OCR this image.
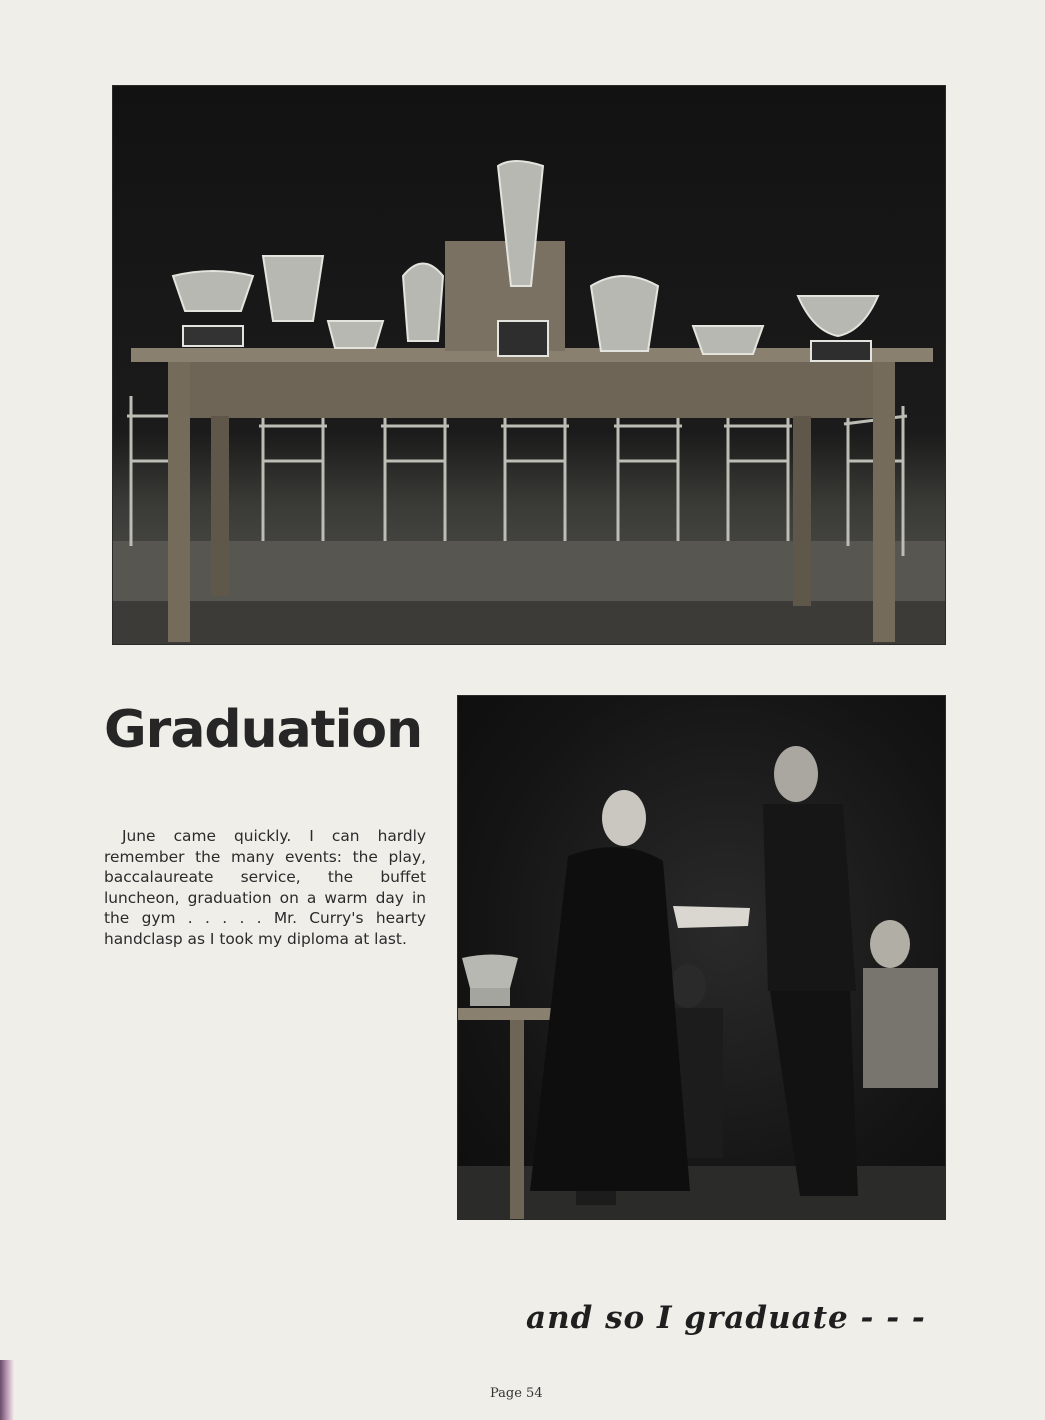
Graduation

June came quickly. I can hardly remember the many events: the play, baccalaureate service, the buffet luncheon, graduation on a warm day in the gym . . . . . Mr. Curry's hearty handclasp as I took my diploma at last.

and so I graduate - - -
Page 54
